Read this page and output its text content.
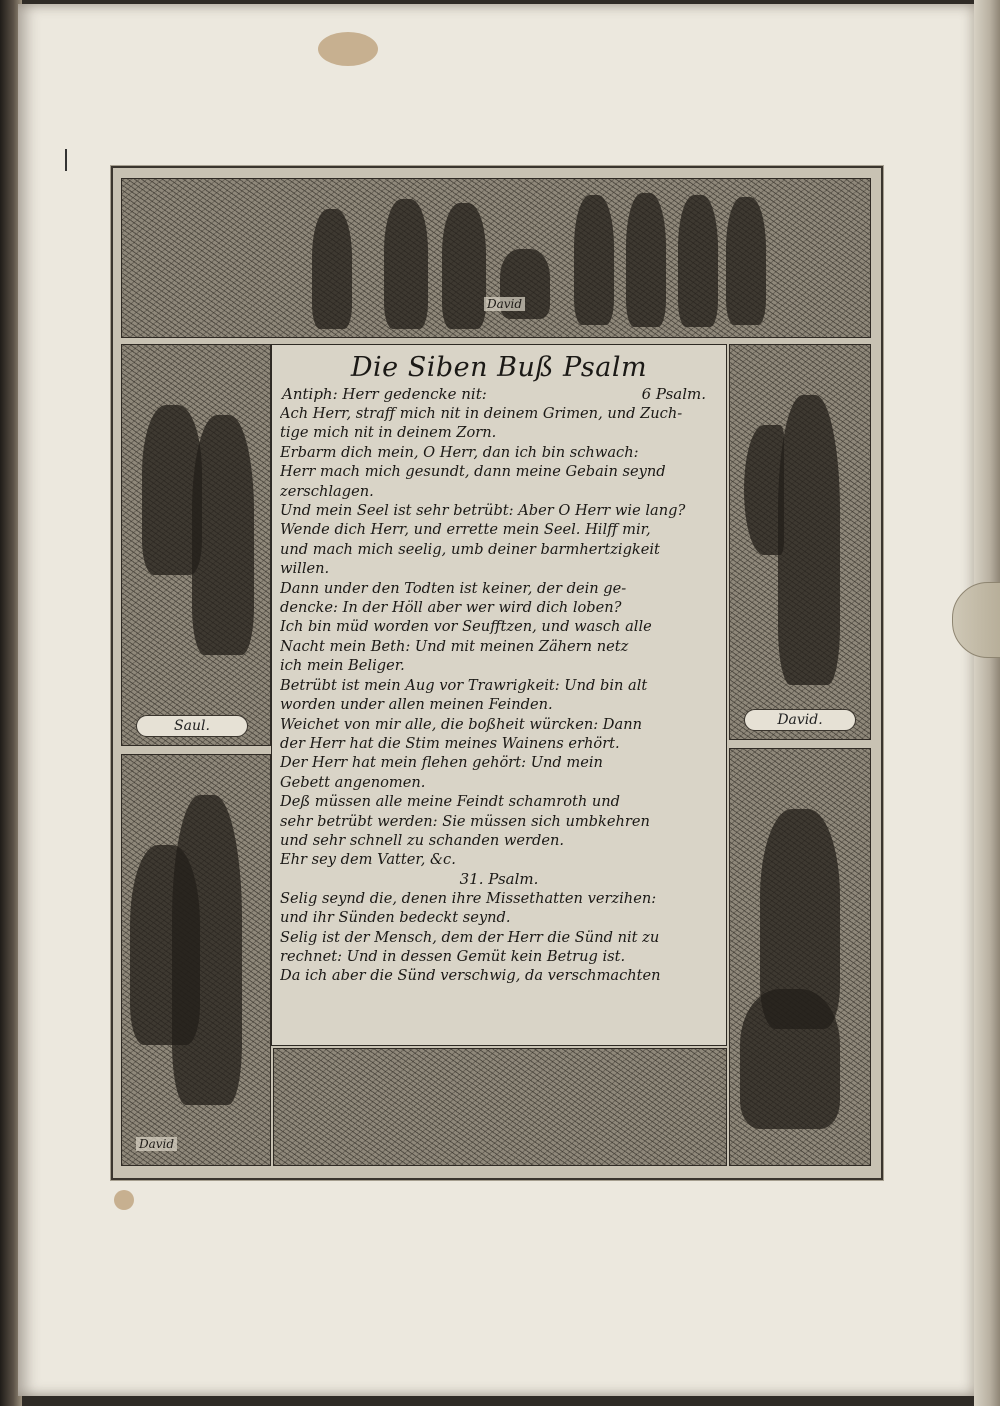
David
Saul.
David
David.

Die Siben Buß Psalm

Antiph: Herr gedencke nit:	6 Psalm.
Ach Herr, straff mich nit in deinem Grimen, und Zuch-
tige mich nit in deinem Zorn.
Erbarm dich mein, O Herr, dan ich bin schwach:
Herr mach mich gesundt, dann meine Gebain seynd
zerschlagen.
Und mein Seel ist sehr betrübt: Aber O Herr wie lang?
Wende dich Herr, und errette mein Seel. Hilff mir,
und mach mich seelig, umb deiner barmhertzigkeit
willen.
Dann under den Todten ist keiner, der dein ge-
dencke: In der Höll aber wer wird dich loben?
Ich bin müd worden vor Seufftzen, und wasch alle
Nacht mein Beth: Und mit meinen Zähern netz
ich mein Beliger.
Betrübt ist mein Aug vor Trawrigkeit: Und bin alt
worden under allen meinen Feinden.
Weichet von mir alle, die boßheit würcken: Dann
der Herr hat die Stim meines Wainens erhört.
Der Herr hat mein flehen gehört: Und mein
Gebett angenomen.
Deß müssen alle meine Feindt schamroth und
sehr betrübt werden: Sie müssen sich umbkehren
und sehr schnell zu schanden werden.
Ehr sey dem Vatter, &c.
31. Psalm.
Selig seynd die, denen ihre Missethatten verzihen:
und ihr Sünden bedeckt seynd.
Selig ist der Mensch, dem der Herr die Sünd nit zu
rechnet: Und in dessen Gemüt kein Betrug ist.
Da ich aber die Sünd verschwig, da verschmachten
